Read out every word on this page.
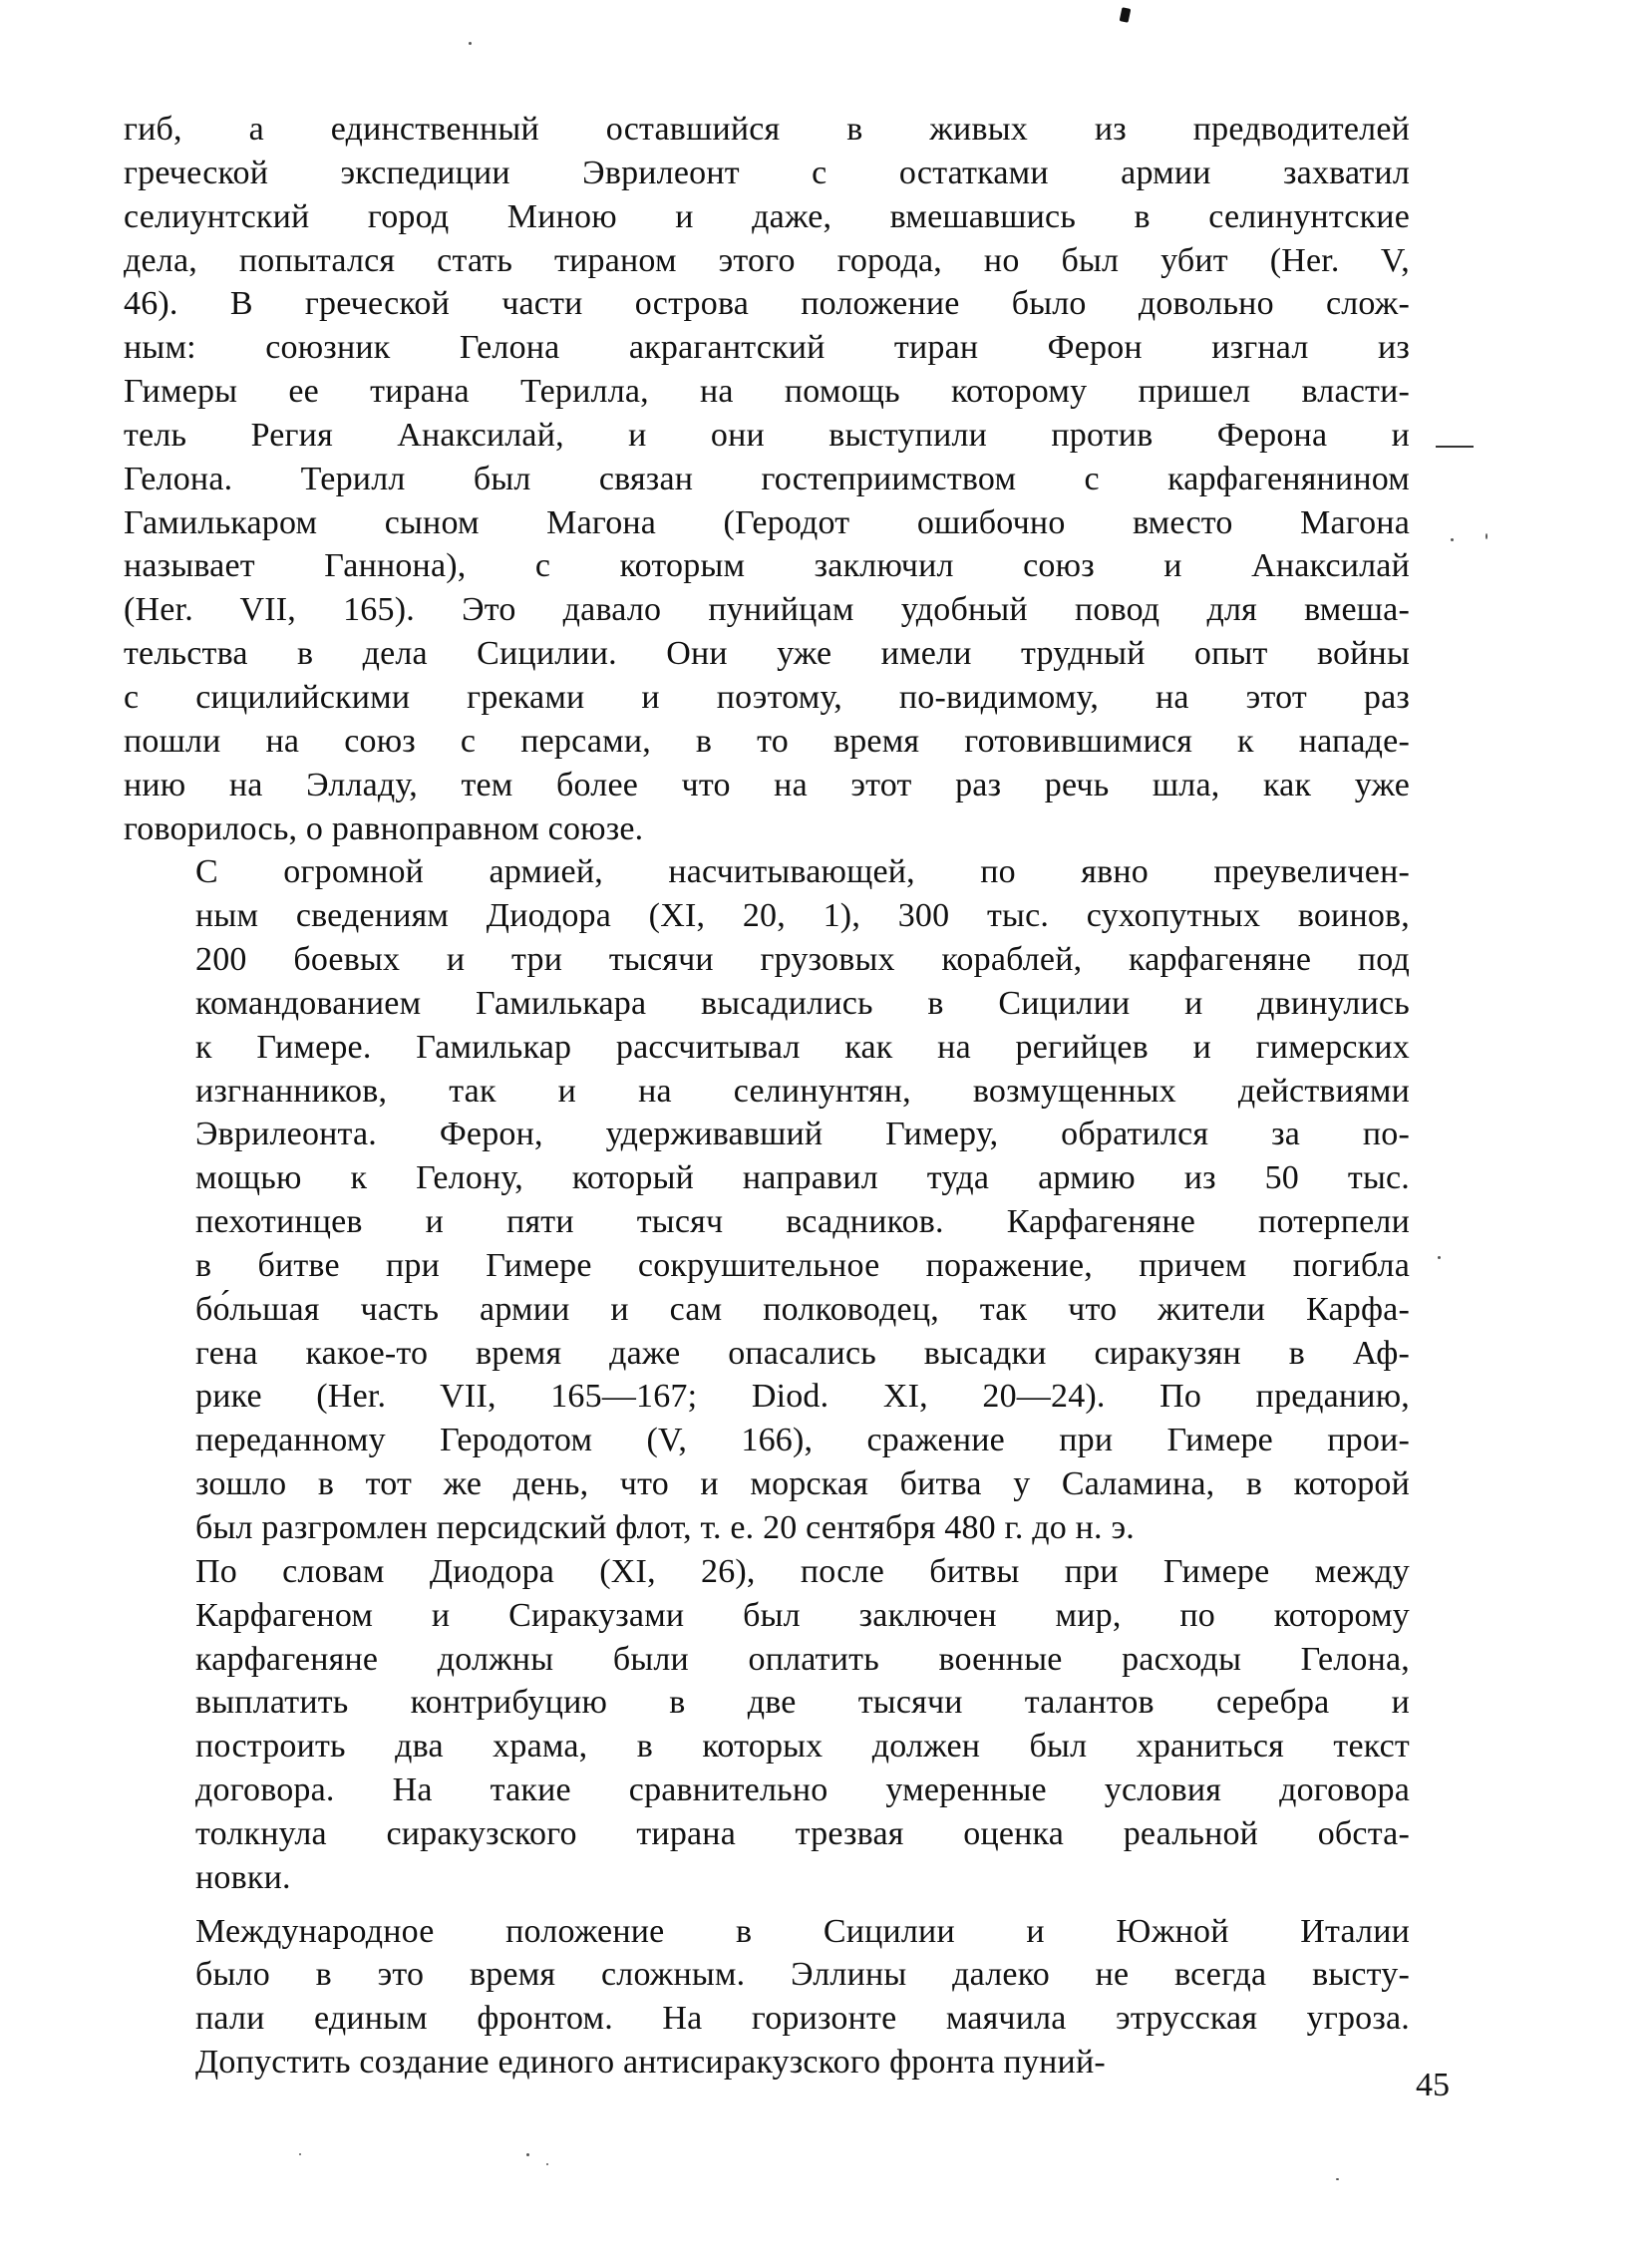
гиб, а единственный оставшийся в живых из предводителей
греческой экспедиции Эврилеонт с остатками армии захватил
селиунтский город Миною и даже, вмешавшись в селинунтские
дела, попытался стать тираном этого города, но был убит (Her. V,
46). В греческой части острова положение было довольно слож-
ным: союзник Гелона акрагантский тиран Ферон изгнал из
Гимеры ее тирана Терилла, на помощь которому пришел власти-
тель Регия Анаксилай, и они выступили против Ферона и
Гелона. Терилл был связан гостеприимством с карфагенянином
Гамилькаром сыном Магона (Геродот ошибочно вместо Магона
называет Ганнона), с которым заключил союз и Анаксилай
(Her. VII, 165). Это давало пунийцам удобный повод для вмеша-
тельства в дела Сицилии. Они уже имели трудный опыт войны
с сицилийскими греками и поэтому, по-видимому, на этот раз
пошли на союз с персами, в то время готовившимися к нападе-
нию на Элладу, тем более что на этот раз речь шла, как уже
говорилось, о равноправном союзе.

С огромной армией, насчитывающей, по явно преувеличен-
ным сведениям Диодора (XI, 20, 1), 300 тыс. сухопутных воинов,
200 боевых и три тысячи грузовых кораблей, карфагеняне под
командованием Гамилькара высадились в Сицилии и двинулись
к Гимере. Гамилькар рассчитывал как на регийцев и гимерских
изгнанников, так и на селинунтян, возмущенных действиями
Эврилеонта. Ферон, удерживавший Гимеру, обратился за по-
мощью к Гелону, который направил туда армию из 50 тыс.
пехотинцев и пяти тысяч всадников. Карфагеняне потерпели
в битве при Гимере сокрушительное поражение, причем погибла
бо́льшая часть армии и сам полководец, так что жители Карфа-
гена какое-то время даже опасались высадки сиракузян в Аф-
рике (Her. VII, 165—167; Diod. XI, 20—24). По преданию,
переданному Геродотом (V, 166), сражение при Гимере прои-
зошло в тот же день, что и морская битва у Саламина, в которой
был разгромлен персидский флот, т. е. 20 сентября 480 г. до н. э.

По словам Диодора (XI, 26), после битвы при Гимере между
Карфагеном и Сиракузами был заключен мир, по которому
карфагеняне должны были оплатить военные расходы Гелона,
выплатить контрибуцию в две тысячи талантов серебра и
построить два храма, в которых должен был храниться текст
договора. На такие сравнительно умеренные условия договора
толкнула сиракузского тирана трезвая оценка реальной обста-
новки.

Международное положение в Сицилии и Южной Италии
было в это время сложным. Эллины далеко не всегда высту-
пали единым фронтом. На горизонте маячила этрусская угроза.
Допустить создание единого антисиракузского фронта пуний-

45
